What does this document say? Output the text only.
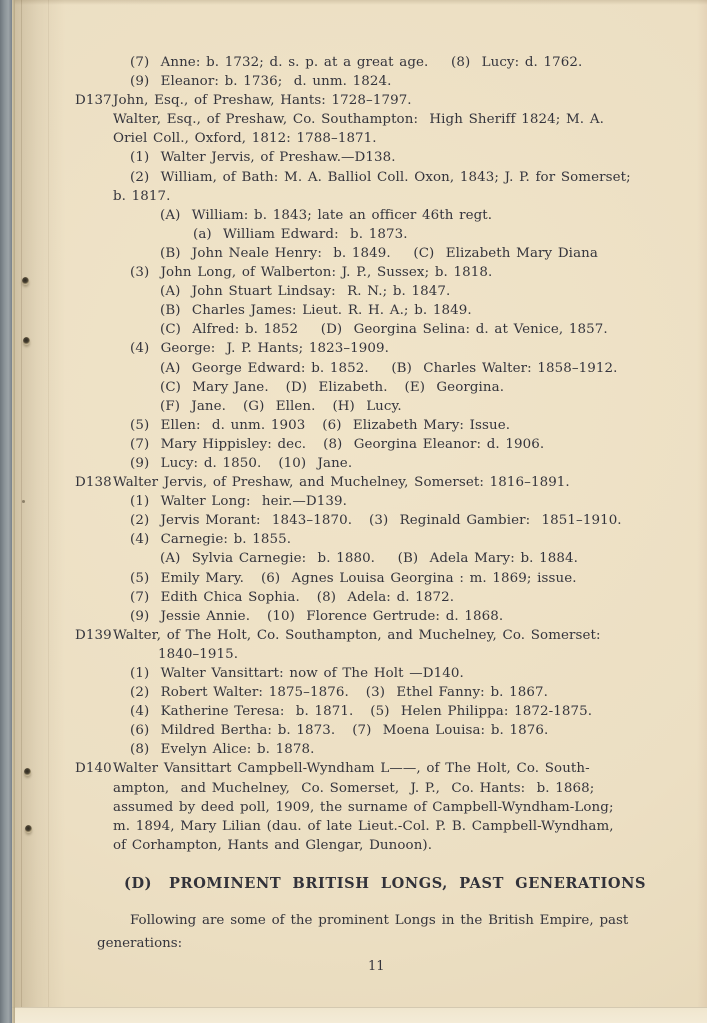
(7)  Anne: b. 1732; d. s. p. at a great age.    (8)  Lucy: d. 1762.
(9)  Eleanor: b. 1736;  d. unm. 1824.
D137 John, Esq., of Preshaw, Hants: 1728–1797.
Walter, Esq., of Preshaw, Co. Southampton:  High Sheriff 1824; M. A.
Oriel Coll., Oxford, 1812: 1788–1871.
(1)  Walter Jervis, of Preshaw.—D138.
(2)  William, of Bath: M. A. Balliol Coll. Oxon, 1843; J. P. for Somerset;
b. 1817.
(A)  William: b. 1843; late an officer 46th regt.
(a)  William Edward:  b. 1873.
(B)  John Neale Henry:  b. 1849.    (C)  Elizabeth Mary Diana
(3)  John Long, of Walberton: J. P., Sussex; b. 1818.
(A)  John Stuart Lindsay:  R. N.; b. 1847.
(B)  Charles James: Lieut. R. H. A.; b. 1849.
(C)  Alfred: b. 1852    (D)  Georgina Selina: d. at Venice, 1857.
(4)  George:  J. P. Hants; 1823–1909.
(A)  George Edward: b. 1852.    (B)  Charles Walter: 1858–1912.
(C)  Mary Jane.   (D)  Elizabeth.   (E)  Georgina.
(F)  Jane.   (G)  Ellen.   (H)  Lucy.
(5)  Ellen:  d. unm. 1903   (6)  Elizabeth Mary: Issue.
(7)  Mary Hippisley: dec.   (8)  Georgina Eleanor: d. 1906.
(9)  Lucy: d. 1850.   (10)  Jane.
D138 Walter Jervis, of Preshaw, and Muchelney, Somerset: 1816–1891.
(1)  Walter Long:  heir.—D139.
(2)  Jervis Morant:  1843–1870.   (3)  Reginald Gambier:  1851–1910.
(4)  Carnegie: b. 1855.
(A)  Sylvia Carnegie:  b. 1880.    (B)  Adela Mary: b. 1884.
(5)  Emily Mary.   (6)  Agnes Louisa Georgina : m. 1869; issue.
(7)  Edith Chica Sophia.   (8)  Adela: d. 1872.
(9)  Jessie Annie.   (10)  Florence Gertrude: d. 1868.
D139 Walter, of The Holt, Co. Southampton, and Muchelney, Co. Somerset:
1840–1915.
(1)  Walter Vansittart: now of The Holt —D140.
(2)  Robert Walter: 1875–1876.   (3)  Ethel Fanny: b. 1867.
(4)  Katherine Teresa:  b. 1871.   (5)  Helen Philippa: 1872-1875.
(6)  Mildred Bertha: b. 1873.   (7)  Moena Louisa: b. 1876.
(8)  Evelyn Alice: b. 1878.
D140 Walter Vansittart Campbell-Wyndham L——, of The Holt, Co. South-
ampton,  and Muchelney,  Co. Somerset,  J. P.,  Co. Hants:  b. 1868;
assumed by deed poll, 1909, the surname of Campbell-Wyndham-Long;
m. 1894, Mary Lilian (dau. of late Lieut.-Col. P. B. Campbell-Wyndham,
of Corhampton, Hants and Glengar, Dunoon).
(D)   PROMINENT  BRITISH  LONGS,  PAST  GENERATIONS
Following are some of the prominent Longs in the British Empire, past
generations:
11
